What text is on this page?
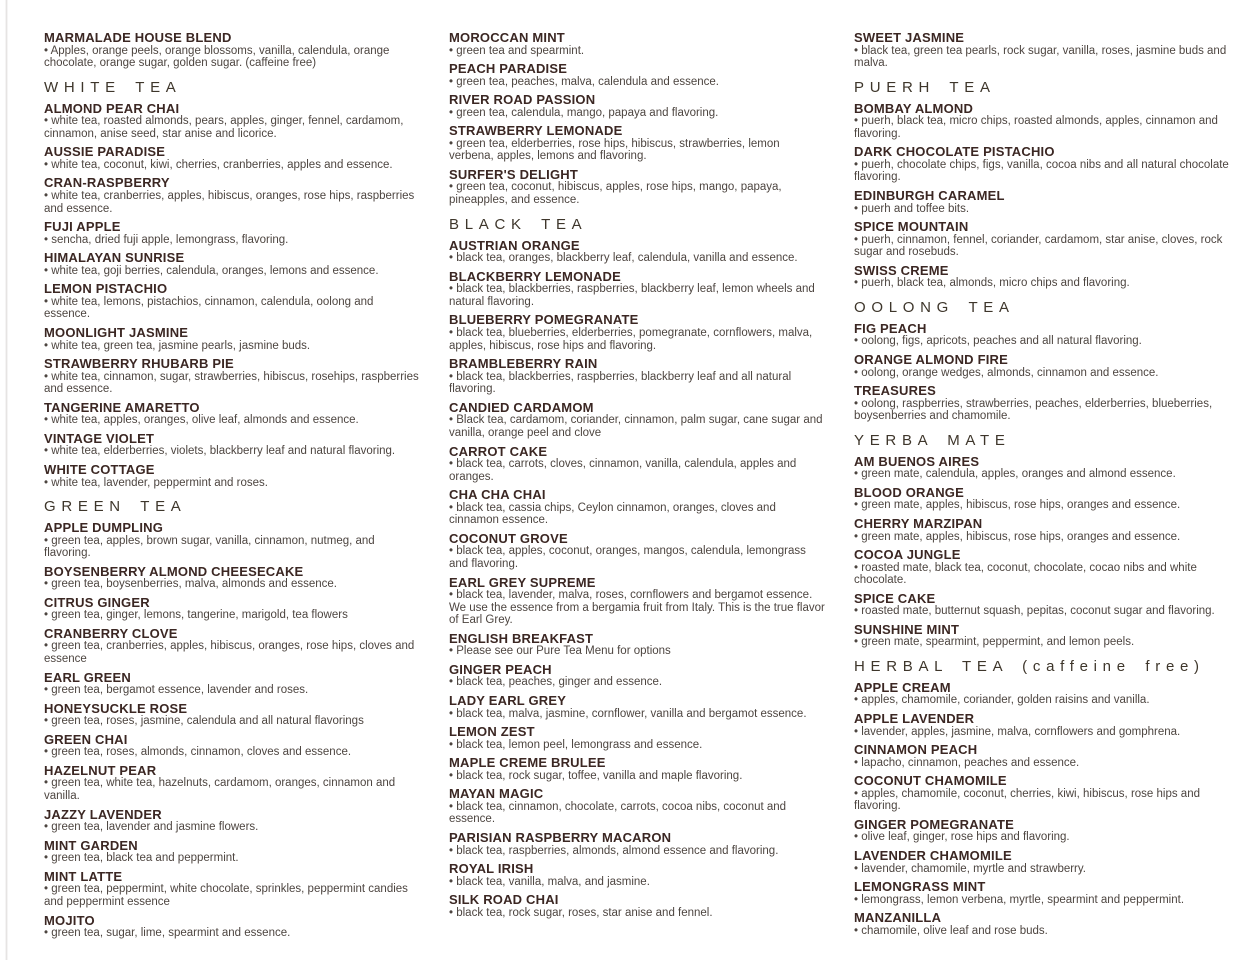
MARMALADE HOUSE BLEND
• Apples, orange peels, orange blossoms, vanilla, calendula, orange chocolate, orange sugar, golden sugar. (caffeine free)
WHITE TEA
ALMOND PEAR CHAI
• white tea, roasted almonds, pears, apples, ginger, fennel, cardamom, cinnamon, anise seed, star anise and licorice.
AUSSIE PARADISE
• white tea, coconut, kiwi, cherries, cranberries, apples and essence.
CRAN-RASPBERRY
• white tea, cranberries, apples, hibiscus, oranges, rose hips, raspberries and essence.
FUJI APPLE
• sencha, dried fuji apple, lemongrass, flavoring.
HIMALAYAN SUNRISE
• white tea, goji berries, calendula, oranges, lemons and essence.
LEMON PISTACHIO
• white tea, lemons, pistachios, cinnamon, calendula, oolong and essence.
MOONLIGHT JASMINE
• white tea, green tea, jasmine pearls, jasmine buds.
STRAWBERRY RHUBARB PIE
• white tea, cinnamon, sugar, strawberries, hibiscus, rosehips, raspberries and essence.
TANGERINE AMARETTO
• white tea, apples, oranges, olive leaf, almonds and essence.
VINTAGE VIOLET
• white tea, elderberries, violets, blackberry leaf and natural flavoring.
WHITE COTTAGE
• white tea, lavender, peppermint and roses.
GREEN TEA
APPLE DUMPLING
• green tea, apples, brown sugar, vanilla, cinnamon, nutmeg, and flavoring.
BOYSENBERRY ALMOND CHEESECAKE
• green tea, boysenberries, malva, almonds and essence.
CITRUS GINGER
• green tea, ginger, lemons, tangerine, marigold, tea flowers
CRANBERRY CLOVE
• green tea, cranberries, apples, hibiscus, oranges, rose hips, cloves and essence
EARL GREEN
• green tea, bergamot essence, lavender and roses.
HONEYSUCKLE ROSE
• green tea, roses, jasmine, calendula and all natural flavorings
GREEN CHAI
• green tea, roses, almonds, cinnamon, cloves and essence.
HAZELNUT PEAR
• green tea, white tea, hazelnuts, cardamom, oranges, cinnamon and vanilla.
JAZZY LAVENDER
• green tea, lavender and jasmine flowers.
MINT GARDEN
• green tea, black tea and peppermint.
MINT LATTE
• green tea, peppermint, white chocolate, sprinkles, peppermint candies and peppermint essence
MOJITO
• green tea, sugar, lime, spearmint and essence.
MOROCCAN MINT
• green tea and spearmint.
PEACH PARADISE
• green tea, peaches, malva, calendula and essence.
RIVER ROAD PASSION
• green tea, calendula, mango, papaya and flavoring.
STRAWBERRY LEMONADE
• green tea, elderberries, rose hips, hibiscus, strawberries, lemon verbena, apples, lemons and flavoring.
SURFER'S DELIGHT
• green tea, coconut, hibiscus, apples, rose hips, mango, papaya, pineapples, and essence.
BLACK TEA
AUSTRIAN ORANGE
• black tea, oranges, blackberry leaf, calendula, vanilla and essence.
BLACKBERRY LEMONADE
• black tea, blackberries, raspberries, blackberry leaf, lemon wheels and natural flavoring.
BLUEBERRY POMEGRANATE
• black tea, blueberries, elderberries, pomegranate, cornflowers, malva, apples, hibiscus, rose hips and flavoring.
BRAMBLEBERRY RAIN
• black tea, blackberries, raspberries, blackberry leaf and all natural flavoring.
CANDIED CARDAMOM
• Black tea, cardamom, coriander, cinnamon, palm sugar, cane sugar and vanilla, orange peel and clove
CARROT CAKE
• black tea, carrots, cloves, cinnamon, vanilla, calendula, apples and oranges.
CHA CHA CHAI
• black tea, cassia chips, Ceylon cinnamon, oranges, cloves and cinnamon essence.
COCONUT GROVE
• black tea, apples, coconut, oranges, mangos, calendula, lemongrass and flavoring.
EARL GREY SUPREME
• black tea, lavender, malva, roses, cornflowers and bergamot essence. We use the essence from a bergamia fruit from Italy. This is the true flavor of Earl Grey.
ENGLISH BREAKFAST
• Please see our Pure Tea Menu for options
GINGER PEACH
• black tea, peaches, ginger and essence.
LADY EARL GREY
• black tea, malva, jasmine, cornflower, vanilla and bergamot essence.
LEMON ZEST
• black tea, lemon peel, lemongrass and essence.
MAPLE CREME BRULEE
• black tea, rock sugar, toffee, vanilla and maple flavoring.
MAYAN MAGIC
• black tea, cinnamon, chocolate, carrots, cocoa nibs, coconut and essence.
PARISIAN RASPBERRY MACARON
• black tea, raspberries, almonds, almond essence and flavoring.
ROYAL IRISH
• black tea, vanilla, malva, and jasmine.
SILK ROAD CHAI
• black tea, rock sugar, roses, star anise and fennel.
SWEET JASMINE
• black tea, green tea pearls, rock sugar, vanilla, roses, jasmine buds and   malva.
PUERH TEA
BOMBAY ALMOND
• puerh, black tea, micro chips, roasted almonds, apples, cinnamon and flavoring.
DARK CHOCOLATE PISTACHIO
• puerh, chocolate chips, figs, vanilla, cocoa nibs and all natural chocolate flavoring.
EDINBURGH CARAMEL
• puerh and toffee bits.
SPICE MOUNTAIN
• puerh, cinnamon, fennel, coriander, cardamom, star anise, cloves, rock sugar and rosebuds.
SWISS CREME
• puerh, black tea, almonds, micro chips and flavoring.
OOLONG TEA
FIG PEACH
• oolong, figs, apricots, peaches and all natural flavoring.
ORANGE ALMOND FIRE
• oolong, orange wedges, almonds, cinnamon and essence.
TREASURES
• oolong, raspberries, strawberries, peaches, elderberries, blueberries, boysenberries and chamomile.
YERBA MATE
AM BUENOS AIRES
• green mate, calendula, apples, oranges and almond essence.
BLOOD ORANGE
• green mate, apples, hibiscus, rose hips, oranges and essence.
CHERRY MARZIPAN
• green mate, apples, hibiscus, rose hips, oranges and essence.
COCOA JUNGLE
• roasted mate, black tea, coconut, chocolate, cocao nibs and white chocolate.
SPICE CAKE
• roasted mate, butternut squash, pepitas, coconut sugar and flavoring.
SUNSHINE MINT
• green mate, spearmint, peppermint, and lemon peels.
HERBAL TEA (caffeine free)
APPLE CREAM
• apples, chamomile, coriander, golden raisins and vanilla.
APPLE LAVENDER
• lavender, apples, jasmine, malva, cornflowers and gomphrena.
CINNAMON PEACH
• lapacho, cinnamon, peaches and essence.
COCONUT CHAMOMILE
• apples, chamomile, coconut, cherries, kiwi, hibiscus, rose hips and flavoring.
GINGER POMEGRANATE
• olive leaf, ginger, rose hips and flavoring.
LAVENDER CHAMOMILE
• lavender, chamomile, myrtle and strawberry.
LEMONGRASS MINT
• lemongrass, lemon verbena, myrtle, spearmint and peppermint.
MANZANILLA
• chamomile, olive leaf and rose buds.
